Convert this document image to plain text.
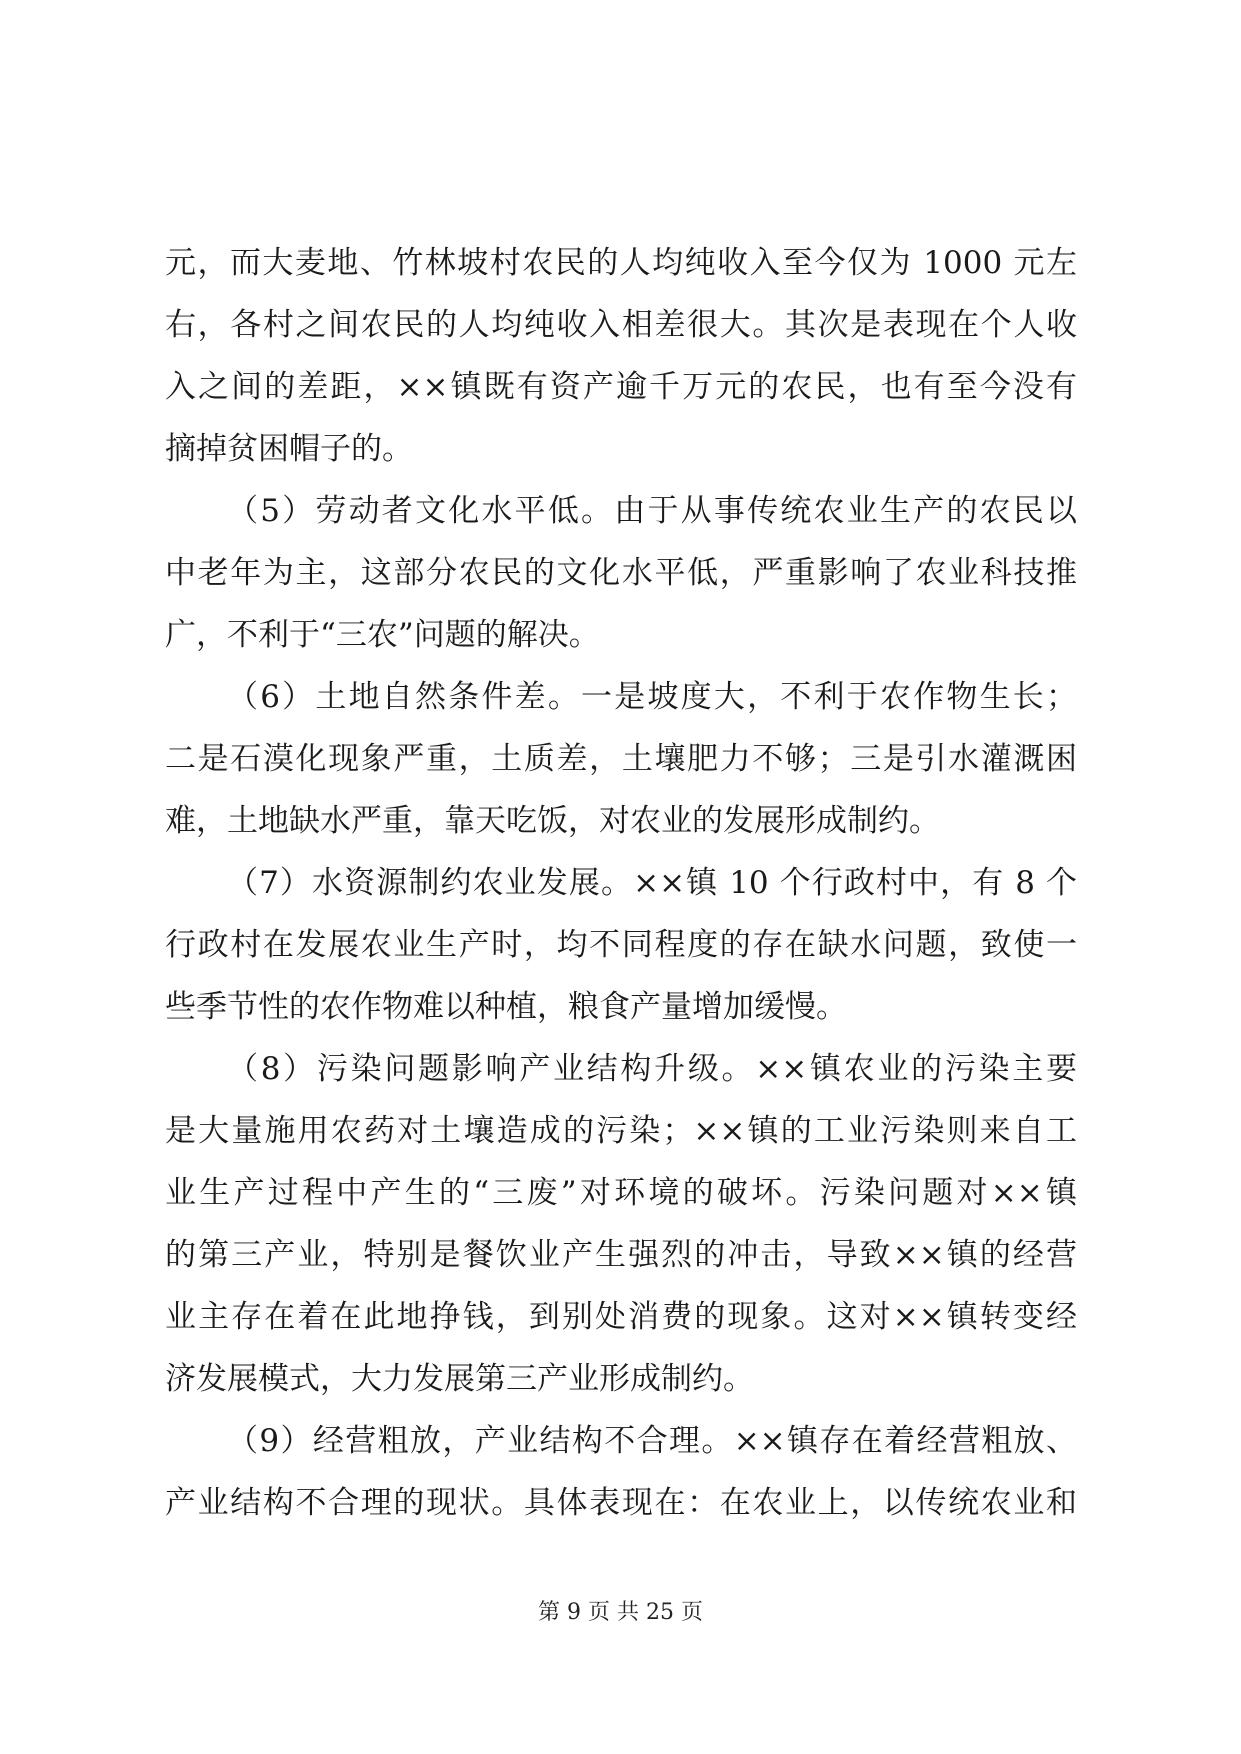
元，而大麦地、竹林坡村农民的人均纯收入至今仅为 1000 元左
右，各村之间农民的人均纯收入相差很大。其次是表现在个人收
入之间的差距，××镇既有资产逾千万元的农民，也有至今没有
摘掉贫困帽子的。
（5）劳动者文化水平低。由于从事传统农业生产的农民以
中老年为主，这部分农民的文化水平低，严重影响了农业科技推
广，不利于“三农”问题的解决。
（6）土地自然条件差。一是坡度大，不利于农作物生长；
二是石漠化现象严重，土质差，土壤肥力不够；三是引水灌溉困
难，土地缺水严重，靠天吃饭，对农业的发展形成制约。
（7）水资源制约农业发展。××镇 10 个行政村中，有 8 个
行政村在发展农业生产时，均不同程度的存在缺水问题，致使一
些季节性的农作物难以种植，粮食产量增加缓慢。
（8）污染问题影响产业结构升级。××镇农业的污染主要
是大量施用农药对土壤造成的污染；××镇的工业污染则来自工
业生产过程中产生的“三废”对环境的破坏。污染问题对××镇
的第三产业，特别是餐饮业产生强烈的冲击，导致××镇的经营
业主存在着在此地挣钱，到别处消费的现象。这对××镇转变经
济发展模式，大力发展第三产业形成制约。
（9）经营粗放，产业结构不合理。××镇存在着经营粗放、
产业结构不合理的现状。具体表现在：在农业上，以传统农业和
第 9 页 共 25 页
